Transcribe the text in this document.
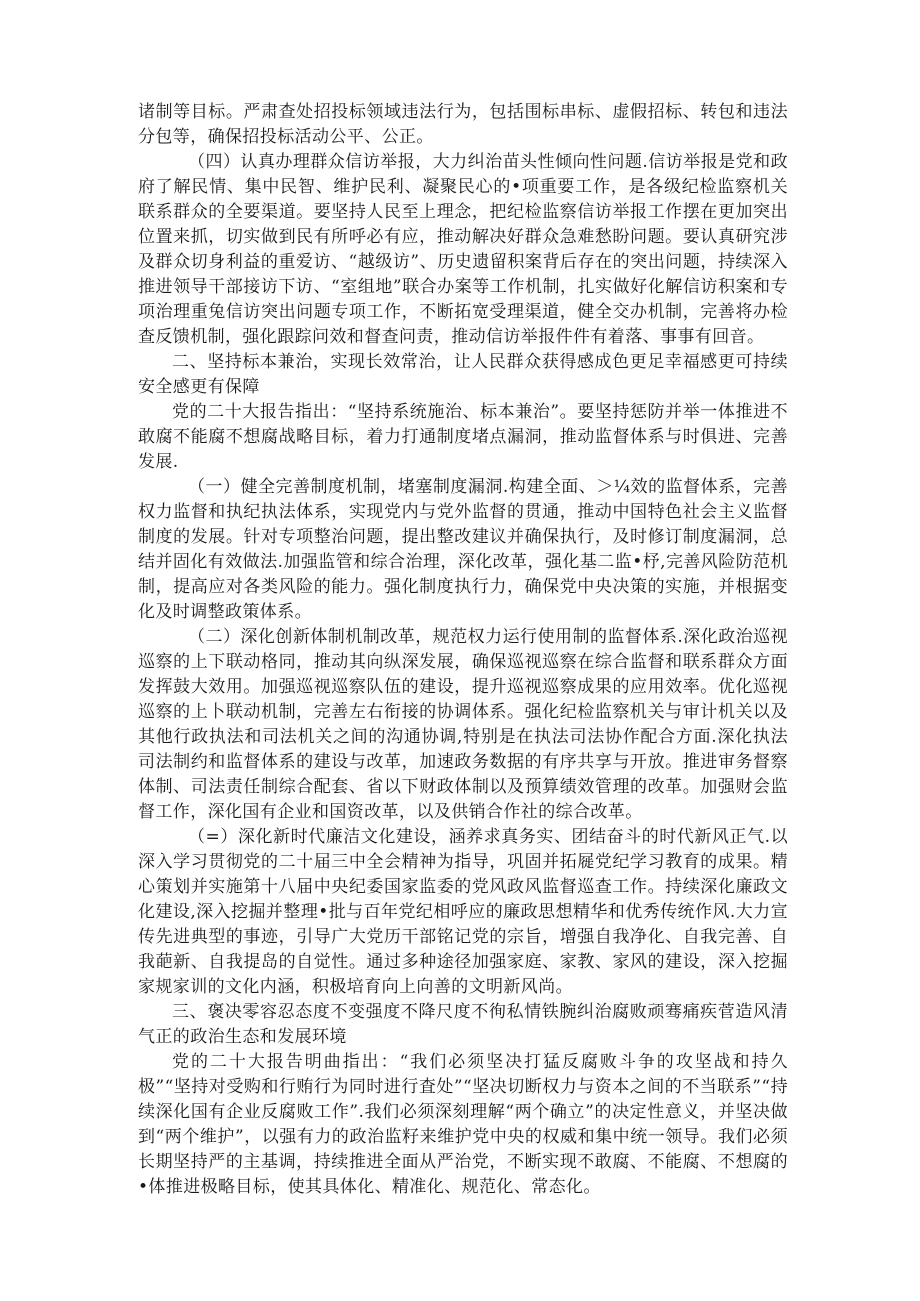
诸制等目标。严肃查处招投标领域违法行为，包括围标串标、虚假招标、转包和违法分包等，确保招投标活动公平、公正。

（四）认真办理群众信访举报，大力纠治苗头性倾向性问题.信访举报是党和政府了解民情、集中民智、维护民利、凝聚民心的•项重要工作，是各级纪检监察机关联系群众的全要渠道。要坚持人民至上理念，把纪检监察信访举报工作摆在更加突出位置来抓，切实做到民有所呼必有应，推动解决好群众急难愁盼问题。要认真研究涉及群众切身利益的重爱访、“越级访”、历史遗留积案背后存在的突出问题，持续深入推进领导干部接访下访、“室组地”联合办案等工作机制，扎实做好化解信访积案和专项治理重兔信访突出问题专项工作，不断拓宽受理渠道，健全交办机制，完善将办检查反馈机制，强化跟踪问效和督查问责，推动信访举报件件有着落、事事有回音。

二、坚持标本兼治，实现长效常治，让人民群众获得感成色更足幸福感更可持续安全感更有保障

党的二十大报告指出：“坚持系统施治、标本兼治”。要坚持惩防并举一体推进不敢腐不能腐不想腐战略目标，着力打通制度堵点漏洞，推动监督体系与时俱进、完善发展.

（一）健全完善制度机制，堵塞制度漏洞.构建全面、＞¼效的监督体系，完善权力监督和执纪执法体系，实现党内与党外监督的贯通，推动中国特色社会主义监督制度的发展。针对专项整治问题，提出整改建议并确保执行，及时修订制度漏洞，总结并固化有效做法.加强监管和综合治理，深化改革，强化基二监•杼,完善风险防范机制，提高应对各类风险的能力。强化制度执行力，确保党中央决策的实施，并根据变化及时调整政策体系。

（二）深化创新体制机制改革，规范权力运行使用制的监督体系.深化政治巡视巡察的上下联动格同，推动其向纵深发展，确保巡视巡察在综合监督和联系群众方面发挥鼓大效用。加强巡视巡察队伍的建设，提升巡视巡察成果的应用效率。优化巡视巡察的上卜联动机制，完善左右衔接的协调体系。强化纪检监察机关与审计机关以及其他行政执法和司法机关之间的沟通协调,特别是在执法司法协作配合方面.深化执法司法制约和监督体系的建设与改革，加速政务数据的有序共享与开放。推进审务督察体制、司法责任制综合配套、省以下财政体制以及预算绩效管理的改革。加强财会监督工作，深化国有企业和国资改革，以及供销合作社的综合改革。

（=）深化新时代廉洁文化建设，涵养求真务实、团结奋斗的时代新风正气.以深入学习贯彻党的二十届三中全会精神为指导，巩固并拓屣党纪学习教育的成果。精心策划并实施第十八届中央纪委国家监委的党风政风监督巡查工作。持续深化廉政文化建设,深入挖掘并整理•批与百年党纪相呼应的廉政思想精华和优秀传统作风.大力宣传先进典型的事迹，引导广大党历干部铭记党的宗旨，增强自我净化、自我完善、自我葩新、自我提岛的自觉性。通过多种途径加强家庭、家教、家风的建设，深入挖掘家规家训的文化内涵，积极培育向上向善的文明新风尚。

三、褒决零容忍态度不变强度不降尺度不徇私情铁腕纠治腐败顽骞痛疾菅造风清气正的政治生态和发展环境

党的二十大报告明曲指出：“我们必须坚决打猛反腐败斗争的攻坚战和持久极”“坚持对受购和行贿行为同时进行査处”“坚决切断权力与资本之间的不当联系”“持续深化国有企业反腐败工作”.我们必须深刻理解“两个确立”的决定性意义，并坚决做到“两个维护”，以强有力的政治监籽来维护党中央的权威和集中统一领导。我们必须长期坚持严的主基调，持续推进全面从严治党，不断实现不敢腐、不能腐、不想腐的•体推进极略目标，使其具体化、精准化、规范化、常态化。
